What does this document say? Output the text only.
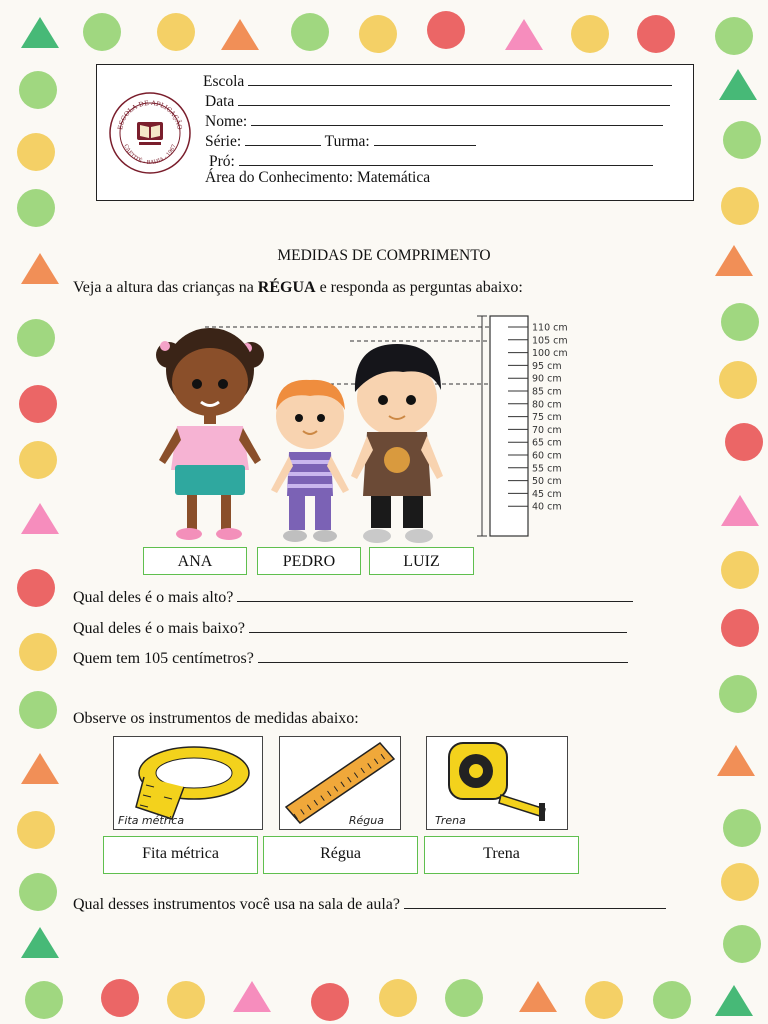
ESCOLA DE APLICAÇÃO
CAETITÉ - BAHIA - 1967
Escola
Data
Nome:
Série:	Turma:
Pró:
Área do Conhecimento: Matemática
MEDIDAS DE COMPRIMENTO
Veja a altura das crianças na RÉGUA e responda as perguntas abaixo:
110 cm
105 cm
100 cm
95 cm
90 cm
85 cm
80 cm
75 cm
70 cm
65 cm
60 cm
55 cm
50 cm
45 cm
40 cm
ANA	PEDRO	LUIZ
Qual deles é o mais alto?
Qual deles é o mais baixo?
Quem tem 105 centímetros?
Observe os instrumentos de medidas abaixo:
Fita métrica	Régua	Trena
Fita métrica	Régua	Trena
Qual desses instrumentos você usa na sala de aula?
